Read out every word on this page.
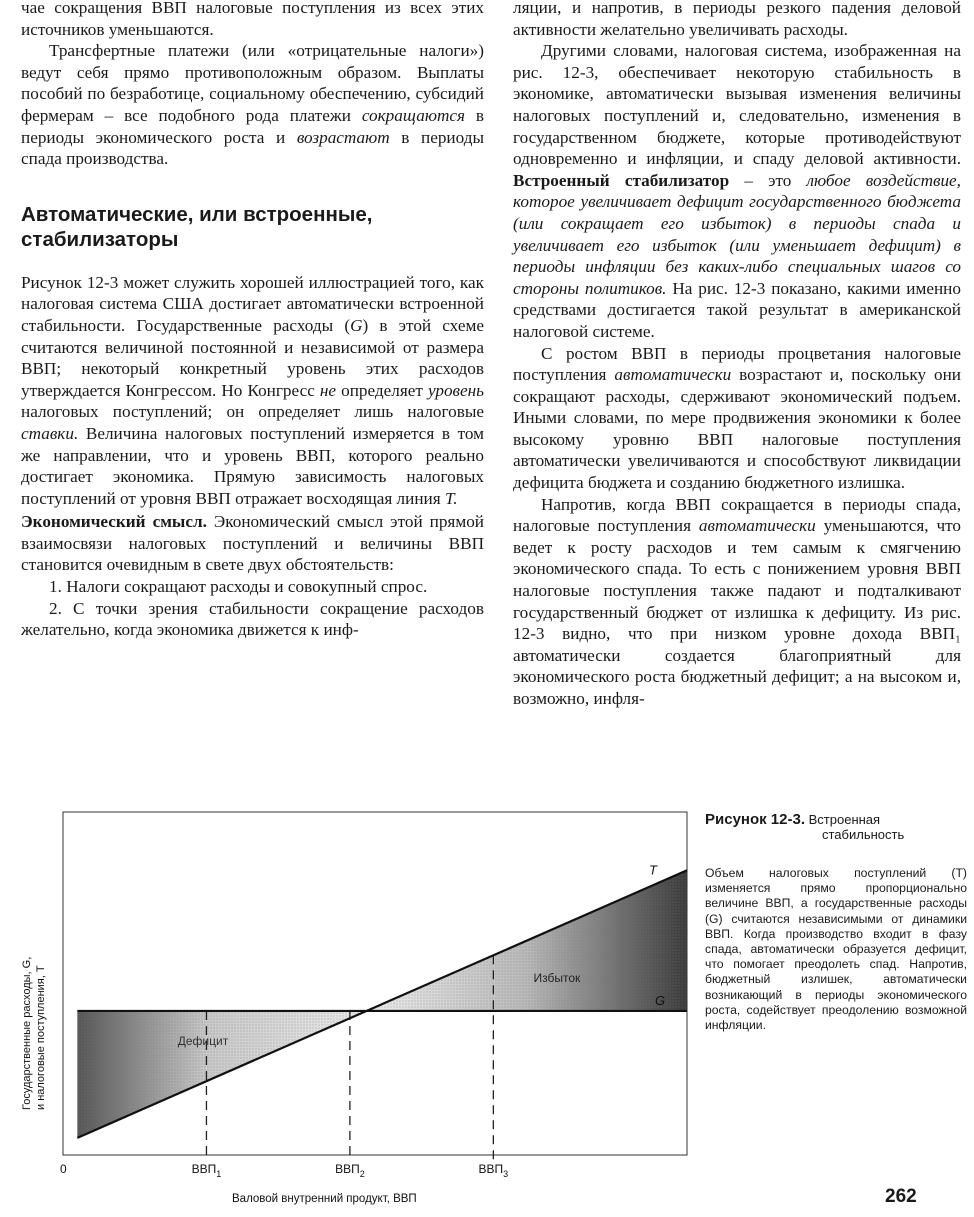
чае сокращения ВВП налоговые поступления из всех этих источников уменьшаются.

Трансфертные платежи (или «отрицательные налоги») ведут себя прямо противоположным образом. Выплаты пособий по безработице, социальному обеспечению, субсидий фермерам – все подобного рода платежи сокращаются в периоды экономического роста и возрастают в периоды спада производства.

Автоматические, или встроенные, стабилизаторы

Рисунок 12-3 может служить хорошей иллюстрацией того, как налоговая система США достигает автоматически встроенной стабильности. Государственные расходы (G) в этой схеме считаются величиной постоянной и независимой от размера ВВП; некоторый конкретный уровень этих расходов утверждается Конгрессом. Но Конгресс не определяет уровень налоговых поступлений; он определяет лишь налоговые ставки. Величина налоговых поступлений измеряется в том же направлении, что и уровень ВВП, которого реально достигает экономика. Прямую зависимость налоговых поступлений от уровня ВВП отражает восходящая линия T.

Экономический смысл. Экономический смысл этой прямой взаимосвязи налоговых поступлений и величины ВВП становится очевидным в свете двух обстоятельств:

1. Налоги сокращают расходы и совокупный спрос.

2. С точки зрения стабильности сокращение расходов желательно, когда экономика движется к инф-

ляции, и напротив, в периоды резкого падения деловой активности желательно увеличивать расходы.

Другими словами, налоговая система, изображенная на рис. 12-3, обеспечивает некоторую стабильность в экономике, автоматически вызывая изменения величины налоговых поступлений и, следовательно, изменения в государственном бюджете, которые противодействуют одновременно и инфляции, и спаду деловой активности. Встроенный стабилизатор – это любое воздействие, которое увеличивает дефицит государственного бюджета (или сокращает его избыток) в периоды спада и увеличивает его избыток (или уменьшает дефицит) в периоды инфляции без каких-либо специальных шагов со стороны политиков. На рис. 12-3 показано, какими именно средствами достигается такой результат в американской налоговой системе.

С ростом ВВП в периоды процветания налоговые поступления автоматически возрастают и, поскольку они сокращают расходы, сдерживают экономический подъем. Иными словами, по мере продвижения экономики к более высокому уровню ВВП налоговые поступления автоматически увеличиваются и способствуют ликвидации дефицита бюджета и созданию бюджетного излишка.

Напротив, когда ВВП сокращается в периоды спада, налоговые поступления автоматически уменьшаются, что ведет к росту расходов и тем самым к смягчению экономического спада. То есть с понижением уровня ВВП налоговые поступления также падают и подталкивают государственный бюджет от излишка к дефициту. Из рис. 12-3 видно, что при низком уровне дохода ВВП₁ автоматически создается благоприятный для экономического роста бюджетный дефицит; а на высоком и, возможно, инфля-

T
G
Дефицит
Избыток
$ВВП_1$	$ВВП_2$	$ВВП_3$
0
Валовой внутренний продукт, ВВП
Государственные расходы, G, и налоговые поступления, T
Рисунок 12-3. Встроенная
стабильность
Объем налоговых поступлений (T) изменяется прямо пропорционально величине ВВП, а государственные расходы (G) считаются независимыми от динамики ВВП. Когда производство входит в фазу спада, автоматически образуется дефицит, что помогает преодолеть спад. Напротив, бюджетный излишек, автоматически возникающий в периоды экономического роста, содействует преодолению возможной инфляции.
262
